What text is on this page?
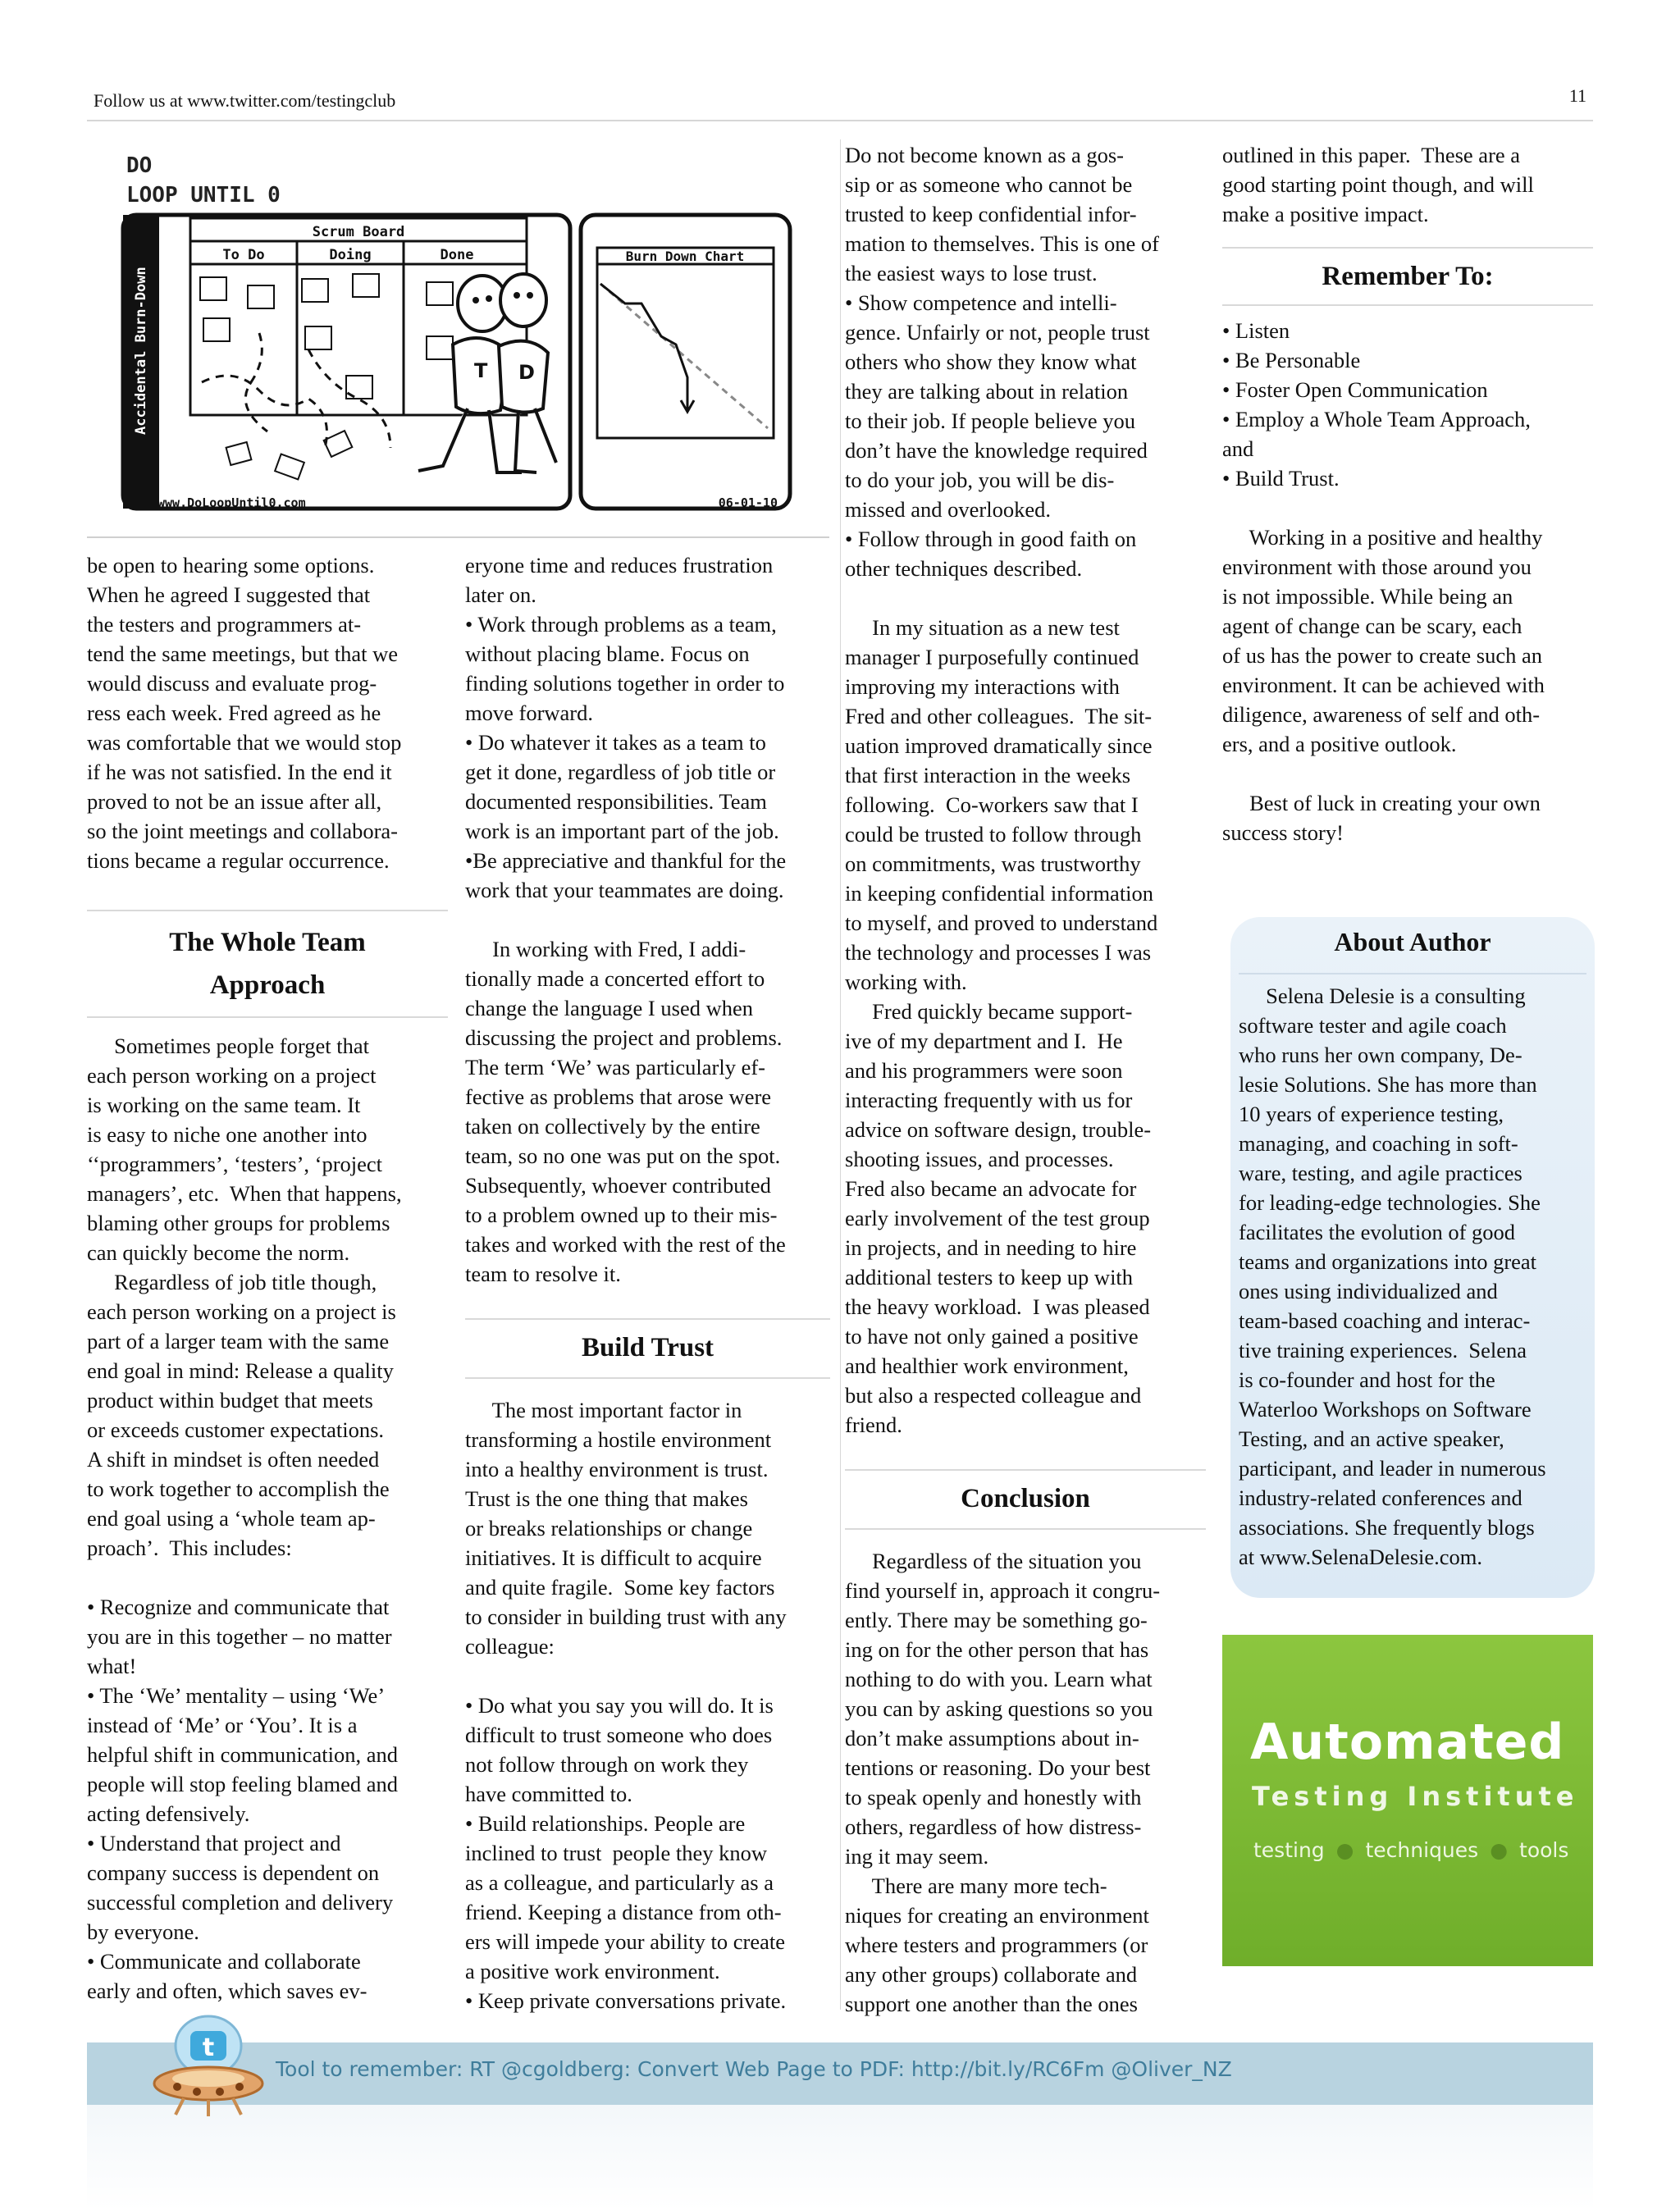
Follow us at www.twitter.com/testingclub	11
DO
LOOP UNTIL 0
Accidental Burn-Down
Scrum Board
To Do	Doing	Done
T D
Burn Down Chart
www.DoLoopUntil0.com	06-01-10

be open to hearing some options.

When he agreed I suggested that

the testers and programmers at-

tend the same meetings, but that we

would discuss and evaluate prog-

ress each week. Fred agreed as he

was comfortable that we would stop

if he was not satisfied. In the end it

proved to not be an issue after all,

so the joint meetings and collabora-

tions became a regular occurrence.

The Whole Team

Approach

Sometimes people forget that

each person working on a project

is working on the same team. It

is easy to niche one another into

‘‘programmers’, ‘testers’, ‘project

managers’, etc.  When that happens,

blaming other groups for problems

can quickly become the norm.

Regardless of job title though,

each person working on a project is

part of a larger team with the same

end goal in mind: Release a quality

product within budget that meets

or exceeds customer expectations.

A shift in mindset is often needed

to work together to accomplish the

end goal using a ‘whole team ap-

proach’.  This includes:

• Recognize and communicate that

you are in this together – no matter

what!

• The ‘We’ mentality – using ‘We’

instead of ‘Me’ or ‘You’. It is a

helpful shift in communication, and

people will stop feeling blamed and

acting defensively.

• Understand that project and

company success is dependent on

successful completion and delivery

by everyone.

• Communicate and collaborate

early and often, which saves ev-

eryone time and reduces frustration

later on.

• Work through problems as a team,

without placing blame. Focus on

finding solutions together in order to

move forward.

• Do whatever it takes as a team to

get it done, regardless of job title or

documented responsibilities. Team

work is an important part of the job.

•Be appreciative and thankful for the

work that your teammates are doing.

In working with Fred, I addi-

tionally made a concerted effort to

change the language I used when

discussing the project and problems.

The term ‘We’ was particularly ef-

fective as problems that arose were

taken on collectively by the entire

team, so no one was put on the spot.

Subsequently, whoever contributed

to a problem owned up to their mis-

takes and worked with the rest of the

team to resolve it.

Build Trust

The most important factor in

transforming a hostile environment

into a healthy environment is trust.

Trust is the one thing that makes

or breaks relationships or change

initiatives. It is difficult to acquire

and quite fragile.  Some key factors

to consider in building trust with any

colleague:

• Do what you say you will do. It is

difficult to trust someone who does

not follow through on work they

have committed to.

• Build relationships. People are

inclined to trust  people they know

as a colleague, and particularly as a

friend. Keeping a distance from oth-

ers will impede your ability to create

a positive work environment.

• Keep private conversations private.

Do not become known as a gos-

sip or as someone who cannot be

trusted to keep confidential infor-

mation to themselves. This is one of

the easiest ways to lose trust.

• Show competence and intelli-

gence. Unfairly or not, people trust

others who show they know what

they are talking about in relation

to their job. If people believe you

don’t have the knowledge required

to do your job, you will be dis-

missed and overlooked.

• Follow through in good faith on

other techniques described.

In my situation as a new test

manager I purposefully continued

improving my interactions with

Fred and other colleagues.  The sit-

uation improved dramatically since

that first interaction in the weeks

following.  Co-workers saw that I

could be trusted to follow through

on commitments, was trustworthy

in keeping confidential information

to myself, and proved to understand

the technology and processes I was

working with.

Fred quickly became support-

ive of my department and I.  He

and his programmers were soon

interacting frequently with us for

advice on software design, trouble-

shooting issues, and processes.

Fred also became an advocate for

early involvement of the test group

in projects, and in needing to hire

additional testers to keep up with

the heavy workload.  I was pleased

to have not only gained a positive

and healthier work environment,

but also a respected colleague and

friend.

Conclusion

Regardless of the situation you

find yourself in, approach it congru-

ently. There may be something go-

ing on for the other person that has

nothing to do with you. Learn what

you can by asking questions so you

don’t make assumptions about in-

tentions or reasoning. Do your best

to speak openly and honestly with

others, regardless of how distress-

ing it may seem.

There are many more tech-

niques for creating an environment

where testers and programmers (or

any other groups) collaborate and

support one another than the ones

outlined in this paper.  These are a

good starting point though, and will

make a positive impact.

Remember To:

• Listen

• Be Personable

• Foster Open Communication

• Employ a Whole Team Approach,

and

• Build Trust.

Working in a positive and healthy

environment with those around you

is not impossible. While being an

agent of change can be scary, each

of us has the power to create such an

environment. It can be achieved with

diligence, awareness of self and oth-

ers, and a positive outlook.

Best of luck in creating your own

success story!

About Author

Selena Delesie is a consulting

software tester and agile coach

who runs her own company, De-

lesie Solutions. She has more than

10 years of experience testing,

managing, and coaching in soft-

ware, testing, and agile practices

for leading-edge technologies. She

facilitates the evolution of good

teams and organizations into great

ones using individualized and

team-based coaching and interac-

tive training experiences.  Selena

is co-founder and host for the

Waterloo Workshops on Software

Testing, and an active speaker,

participant, and leader in numerous

industry-related conferences and

associations. She frequently blogs

at www.SelenaDelesie.com.

Automated
Testing Institute
testing ● techniques ● tools
Tool to remember: RT @cgoldberg: Convert Web Page to PDF: http://bit.ly/RC6Fm @Oliver_NZ
t
